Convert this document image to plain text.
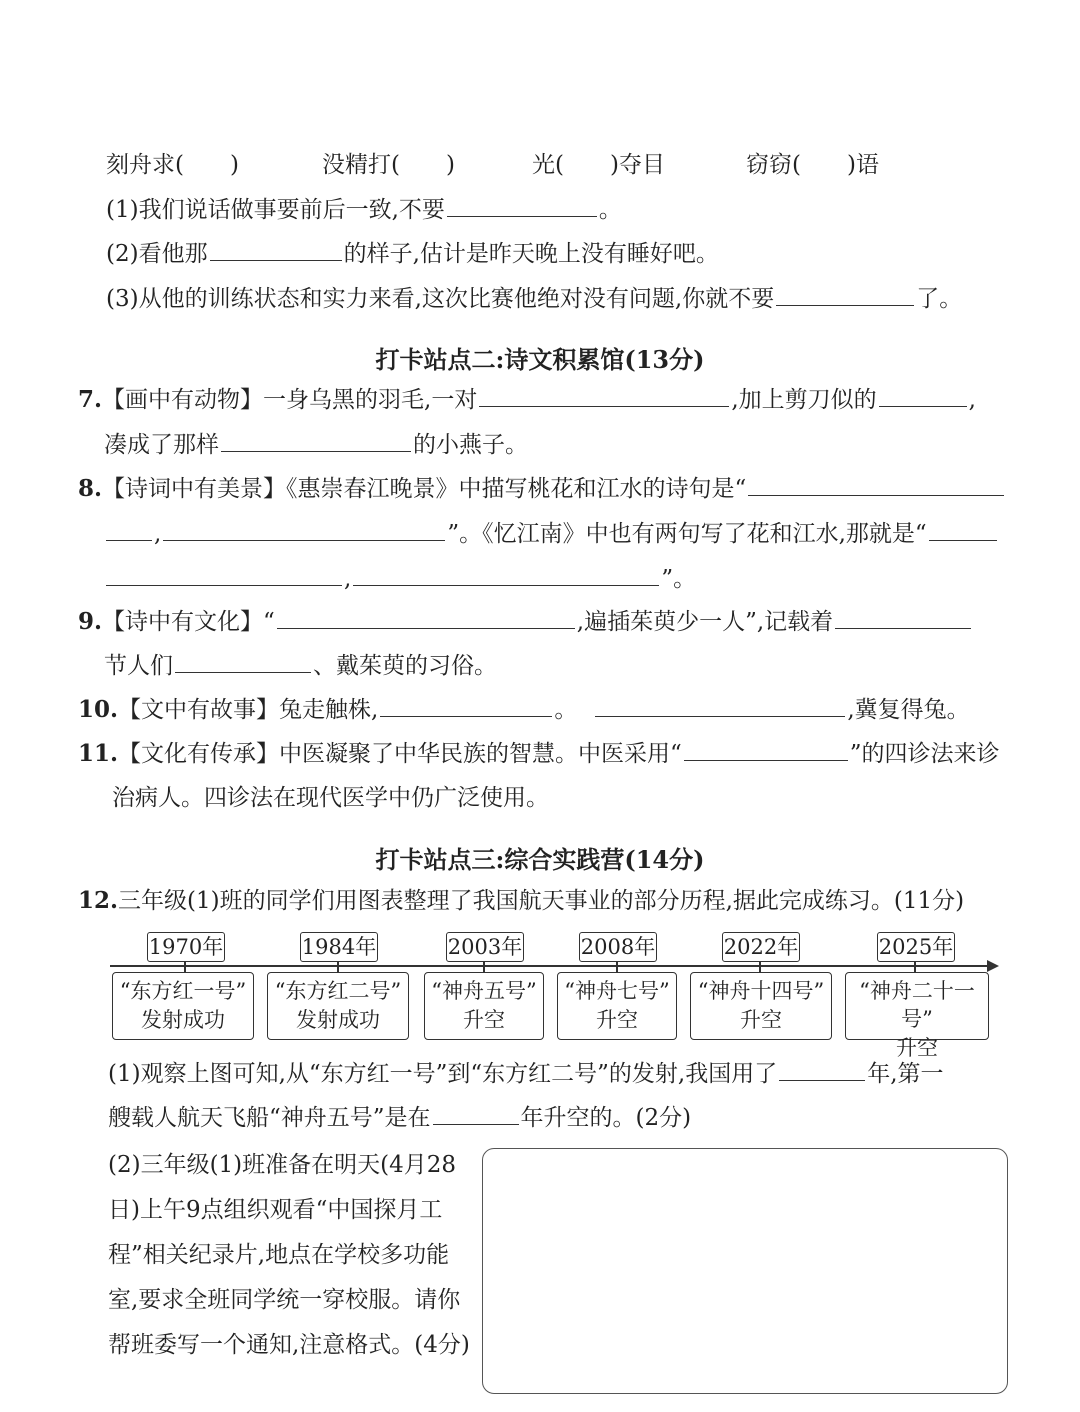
刻舟求(　　)	没精打(　　)	光(　　)夺目	窃窃(　　)语
(1)我们说话做事要前后一致,不要	。
(2)看他那	的样子,估计是昨天晚上没有睡好吧。
(3)从他的训练状态和实力来看,这次比赛他绝对没有问题,你就不要	了。
打卡站点二:诗文积累馆(13分)
7.【画中有动物】一身乌黑的羽毛,一对	,加上剪刀似的	,
凑成了那样	的小燕子。
8.【诗词中有美景】《惠崇春江晚景》中描写桃花和江水的诗句是“
,	”。《忆江南》中也有两句写了花和江水,那就是“
,	”。
9.【诗中有文化】“	,遍插茱萸少一人”,记载着
节人们	、戴茱萸的习俗。
10.【文中有故事】兔走触株,	。	,冀复得兔。
11.【文化有传承】中医凝聚了中华民族的智慧。中医采用“	”的四诊法来诊
治病人。四诊法在现代医学中仍广泛使用。
打卡站点三:综合实践营(14分)
12.三年级(1)班的同学们用图表整理了我国航天事业的部分历程,据此完成练习。(11分)
1970年	1984年	2003年	2008年	2022年	2025年
“东方红一号”
发射成功
“东方红二号”
发射成功
“神舟五号”
升空
“神舟七号”
升空
“神舟十四号”
升空
“神舟二十一号”
升空
(1)观察上图可知,从“东方红一号”到“东方红二号”的发射,我国用了	年,第一
艘载人航天飞船“神舟五号”是在	年升空的。(2分)
(2)三年级(1)班准备在明天(4月28
日)上午9点组织观看“中国探月工
程”相关纪录片,地点在学校多功能
室,要求全班同学统一穿校服。请你
帮班委写一个通知,注意格式。(4分)
